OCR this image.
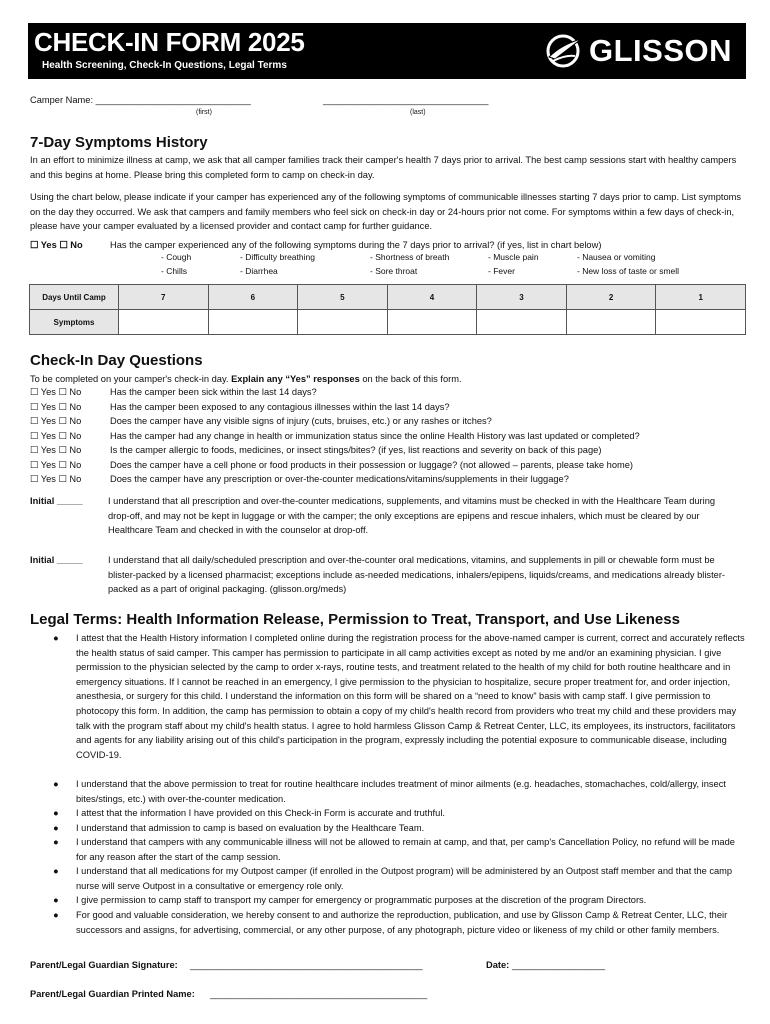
CHECK-IN FORM 2025
Health Screening, Check-In Questions, Legal Terms	GLISSON
Camper Name: ______________________________	________________________________
(first)	(last)
7-Day Symptoms History
In an effort to minimize illness at camp, we ask that all camper families track their camper's health 7 days prior to arrival. The best camp sessions start with healthy campers and this begins at home. Please bring this completed form to camp on check-in day.
Using the chart below, please indicate if your camper has experienced any of the following symptoms of communicable illnesses starting 7 days prior to camp. List symptoms on the day they occurred. We ask that campers and family members who feel sick on check-in day or 24-hours prior not come. For symptoms within a few days of check-in, please have your camper evaluated by a licensed provider and contact camp for further guidance.
☐ Yes ☐ No	Has the camper experienced any of the following symptoms during the 7 days prior to arrival? (if yes, list in chart below)
- Cough	- Difficulty breathing	- Shortness of breath	- Muscle pain	- Nausea or vomiting
- Chills	- Diarrhea	- Sore throat	- Fever	- New loss of taste or smell
Days Until Camp	7	6	5	4	3	2	1
Symptoms							
Check-In Day Questions
To be completed on your camper's check-in day. Explain any “Yes” responses on the back of this form.
☐ Yes ☐ No	Has the camper been sick within the last 14 days?
☐ Yes ☐ No	Has the camper been exposed to any contagious illnesses within the last 14 days?
☐ Yes ☐ No	Does the camper have any visible signs of injury (cuts, bruises, etc.) or any rashes or itches?
☐ Yes ☐ No	Has the camper had any change in health or immunization status since the online Health History was last updated or completed?
☐ Yes ☐ No	Is the camper allergic to foods, medicines, or insect stings/bites? (if yes, list reactions and severity on back of this page)
☐ Yes ☐ No	Does the camper have a cell phone or food products in their possession or luggage? (not allowed – parents, please take home)
☐ Yes ☐ No	Does the camper have any prescription or over-the-counter medications/vitamins/supplements in their luggage?
Initial _____	I understand that all prescription and over-the-counter medications, supplements, and vitamins must be checked in with the Healthcare Team during drop-off, and may not be kept in luggage or with the camper; the only exceptions are epipens and rescue inhalers, which must be cleared by our Healthcare Team and checked in with the counselor at drop-off.
Initial _____	I understand that all daily/scheduled prescription and over-the-counter oral medications, vitamins, and supplements in pill or chewable form must be blister-packed by a licensed pharmacist; exceptions include as-needed medications, inhalers/epipens, liquids/creams, and medications already blister-packed as a part of original packaging. (glisson.org/meds)
Legal Terms: Health Information Release, Permission to Treat, Transport, and Use Likeness
● I attest that the Health History information I completed online during the registration process for the above-named camper is current, correct and accurately reflects the health status of said camper. This camper has permission to participate in all camp activities except as noted by me and/or an examining physician. I give permission to the physician selected by the camp to order x-rays, routine tests, and treatment related to the health of my child for both routine healthcare and in emergency situations. If I cannot be reached in an emergency, I give permission to the physician to hospitalize, secure proper treatment for, and order injection, anesthesia, or surgery for this child. I understand the information on this form will be shared on a “need to know” basis with camp staff. I give permission to photocopy this form. In addition, the camp has permission to obtain a copy of my child's health record from providers who treat my child and these providers may talk with the program staff about my child's health status. I agree to hold harmless Glisson Camp & Retreat Center, LLC, its employees, its instructors, facilitators and agents for any liability arising out of this child's participation in the program, expressly including the potential exposure to communicable disease, including COVID-19.
● I understand that the above permission to treat for routine healthcare includes treatment of minor ailments (e.g. headaches, stomachaches, cold/allergy, insect bites/stings, etc.) with over-the-counter medication.
● I attest that the information I have provided on this Check-in Form is accurate and truthful.
● I understand that admission to camp is based on evaluation by the Healthcare Team.
● I understand that campers with any communicable illness will not be allowed to remain at camp, and that, per camp's Cancellation Policy, no refund will be made for any reason after the start of the camp session.
● I understand that all medications for my Outpost camper (if enrolled in the Outpost program) will be administered by an Outpost staff member and that the camp nurse will serve Outpost in a consultative or emergency role only.
● I give permission to camp staff to transport my camper for emergency or programmatic purposes at the discretion of the program Directors.
● For good and valuable consideration, we hereby consent to and authorize the reproduction, publication, and use by Glisson Camp & Retreat Center, LLC, their successors and assigns, for advertising, commercial, or any other purpose, of any photograph, picture video or likeness of my child or other family members.
Parent/Legal Guardian Signature: _____________________________________________	Date: __________________
Parent/Legal Guardian Printed Name: __________________________________________
